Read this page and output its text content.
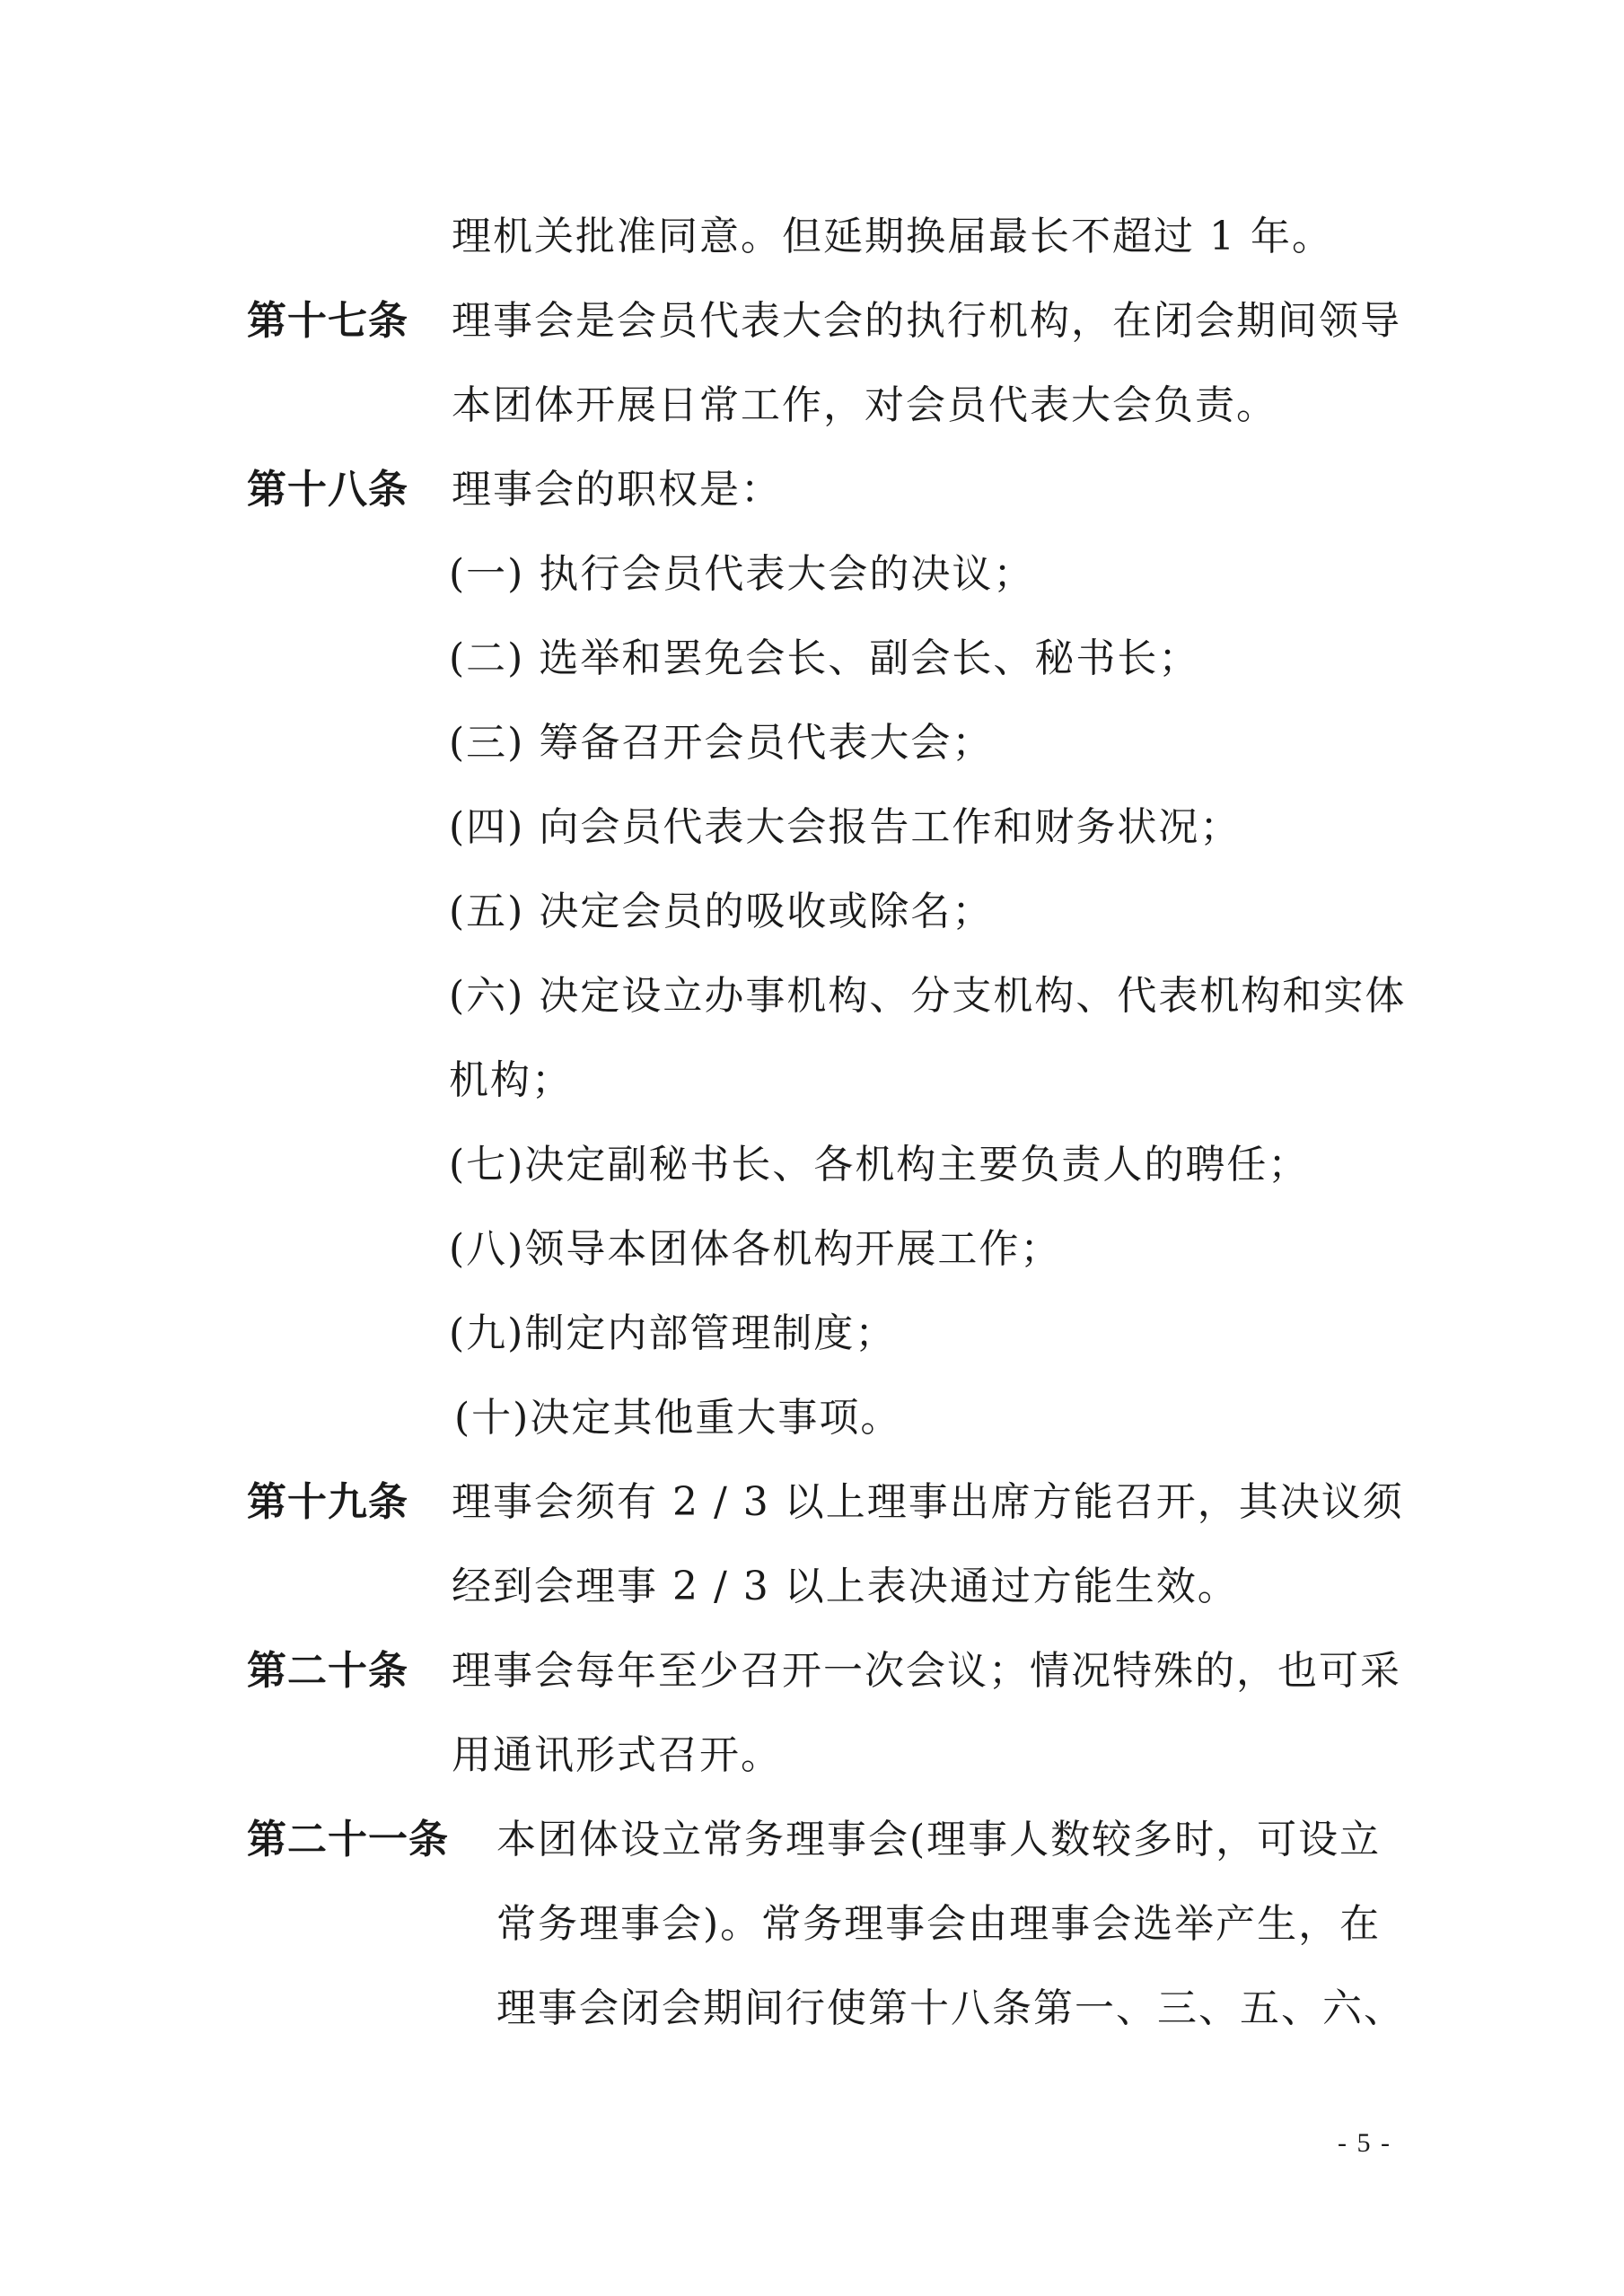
理机关批准同意。但延期换届最长不超过 1 年。
第十七条 理事会是会员代表大会的执行机构，在闭会期间领导
本团体开展日常工作，对会员代表大会负责。
第十八条 理事会的职权是：
(一) 执行会员代表大会的决议；
(二) 选举和罢免会长、副会长、秘书长；
(三) 筹备召开会员代表大会；
(四) 向会员代表大会报告工作和财务状况；
(五) 决定会员的吸收或除名；
(六) 决定设立办事机构、分支机构、代表机构和实体
机构；
(七)决定副秘书长、各机构主要负责人的聘任；
(八)领导本团体各机构开展工作；
(九)制定内部管理制度；
(十)决定其他重大事项。
第十九条 理事会须有 2 / 3 以上理事出席方能召开，其决议须
经到会理事 2 / 3 以上表决通过方能生效。
第二十条 理事会每年至少召开一次会议；情况特殊的，也可采
用通讯形式召开。
第二十一条 本团体设立常务理事会(理事人数较多时，可设立
常务理事会)。常务理事会由理事会选举产生，在
理事会闭会期间行使第十八条第一、三、五、六、
- 5 -
